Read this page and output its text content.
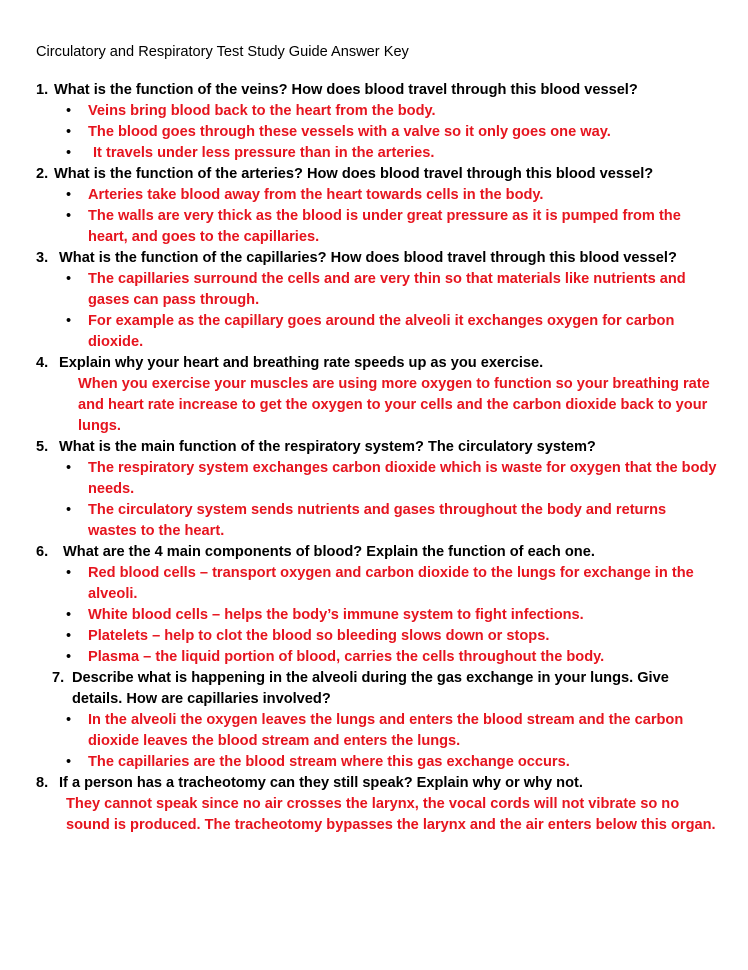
Circulatory and Respiratory Test Study Guide Answer Key
1. What is the function of the veins? How does blood travel through this blood vessel?
• Veins bring blood back to the heart from the body.
• The blood goes through these vessels with a valve so it only goes one way.
• It travels under less pressure than in the arteries.
2. What is the function of the arteries? How does blood travel through this blood vessel?
• Arteries take blood away from the heart towards cells in the body.
• The walls are very thick as the blood is under great pressure as it is pumped from the heart, and goes to the capillaries.
3. What is the function of the capillaries? How does blood travel through this blood vessel?
• The capillaries surround the cells and are very thin so that materials like nutrients and gases can pass through.
• For example as the capillary goes around the alveoli it exchanges oxygen for carbon dioxide.
4. Explain why your heart and breathing rate speeds up as you exercise.
When you exercise your muscles are using more oxygen to function so your breathing rate and heart rate increase to get the oxygen to your cells and the carbon dioxide back to your lungs.
5. What is the main function of the respiratory system? The circulatory system?
• The respiratory system exchanges carbon dioxide which is waste for oxygen that the body needs.
• The circulatory system sends nutrients and gases throughout the body and returns wastes to the heart.
6. What are the 4 main components of blood? Explain the function of each one.
• Red blood cells – transport oxygen and carbon dioxide to the lungs for exchange in the alveoli.
• White blood cells – helps the body’s immune system to fight infections.
• Platelets – help to clot the blood so bleeding slows down or stops.
• Plasma – the liquid portion of blood, carries the cells throughout the body.
7. Describe what is happening in the alveoli during the gas exchange in your lungs. Give details. How are capillaries involved?
• In the alveoli the oxygen leaves the lungs and enters the blood stream and the carbon dioxide leaves the blood stream and enters the lungs.
• The capillaries are the blood stream where this gas exchange occurs.
8. If a person has a tracheotomy can they still speak? Explain why or why not.
They cannot speak since no air crosses the larynx, the vocal cords will not vibrate so no sound is produced. The tracheotomy bypasses the larynx and the air enters below this organ.
